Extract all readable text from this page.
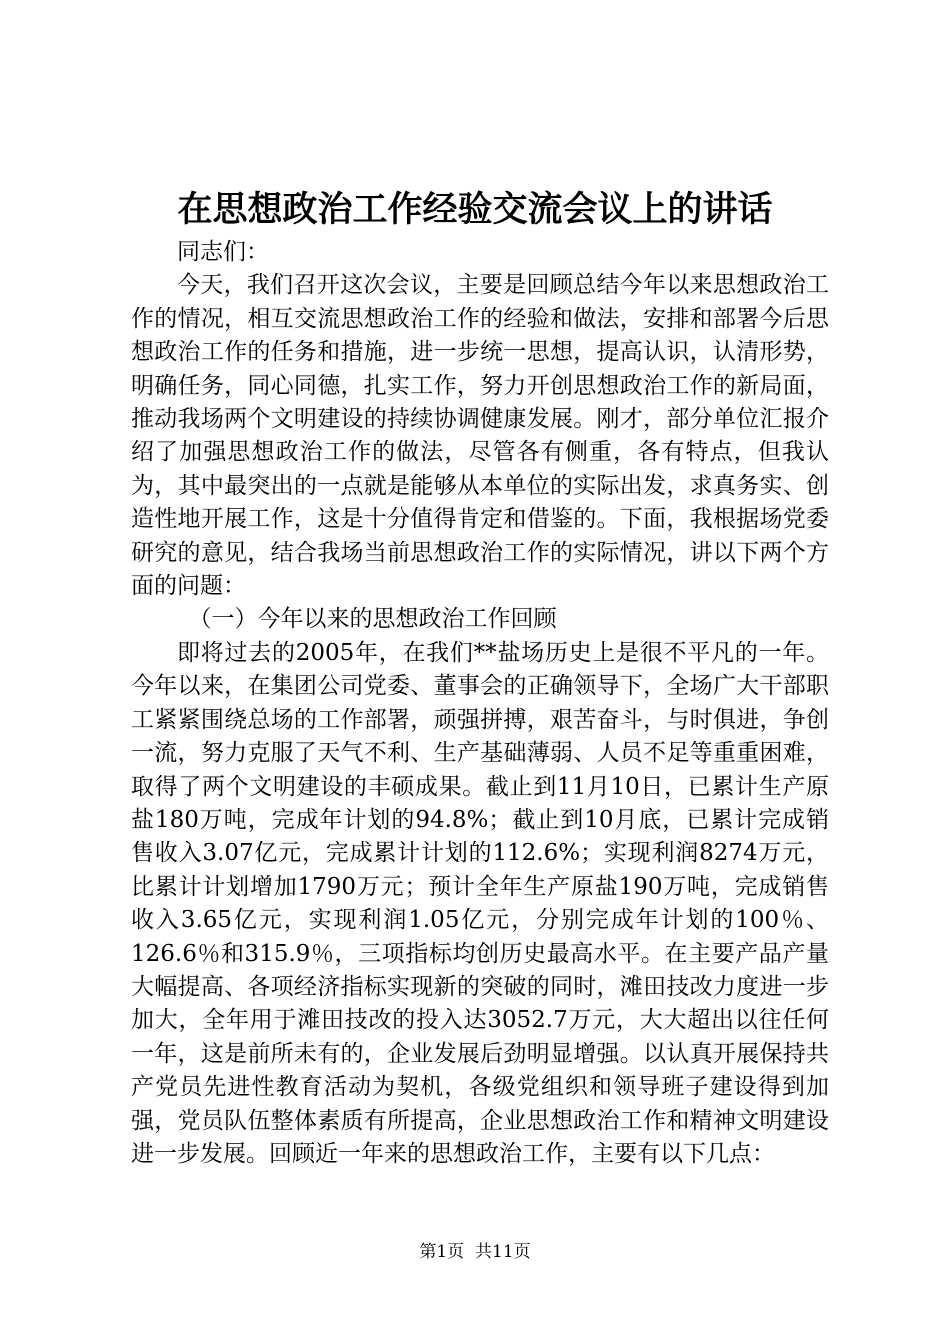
在思想政治工作经验交流会议上的讲话

同志们：

今天，我们召开这次会议，主要是回顾总结今年以来思想政治工作的情况，相互交流思想政治工作的经验和做法，安排和部署今后思想政治工作的任务和措施，进一步统一思想，提高认识，认清形势，明确任务，同心同德，扎实工作，努力开创思想政治工作的新局面，推动我场两个文明建设的持续协调健康发展。刚才，部分单位汇报介绍了加强思想政治工作的做法，尽管各有侧重，各有特点，但我认为，其中最突出的一点就是能够从本单位的实际出发，求真务实、创造性地开展工作，这是十分值得肯定和借鉴的。下面，我根据场党委研究的意见，结合我场当前思想政治工作的实际情况，讲以下两个方面的问题：

（一）今年以来的思想政治工作回顾

即将过去的2005年，在我们**盐场历史上是很不平凡的一年。今年以来，在集团公司党委、董事会的正确领导下，全场广大干部职工紧紧围绕总场的工作部署，顽强拼搏，艰苦奋斗，与时俱进，争创一流，努力克服了天气不利、生产基础薄弱、人员不足等重重困难，取得了两个文明建设的丰硕成果。截止到11月10日，已累计生产原盐180万吨，完成年计划的94.8%；截止到10月底，已累计完成销售收入3.07亿元，完成累计计划的112.6%；实现利润8274万元，比累计计划增加1790万元；预计全年生产原盐190万吨，完成销售收入3.65亿元，实现利润1.05亿元，分别完成年计划的100％、126.6％和315.9％，三项指标均创历史最高水平。在主要产品产量大幅提高、各项经济指标实现新的突破的同时，滩田技改力度进一步加大，全年用于滩田技改的投入达3052.7万元，大大超出以往任何一年，这是前所未有的，企业发展后劲明显增强。以认真开展保持共产党员先进性教育活动为契机，各级党组织和领导班子建设得到加强，党员队伍整体素质有所提高，企业思想政治工作和精神文明建设进一步发展。回顾近一年来的思想政治工作，主要有以下几点：

第1页 共11页
